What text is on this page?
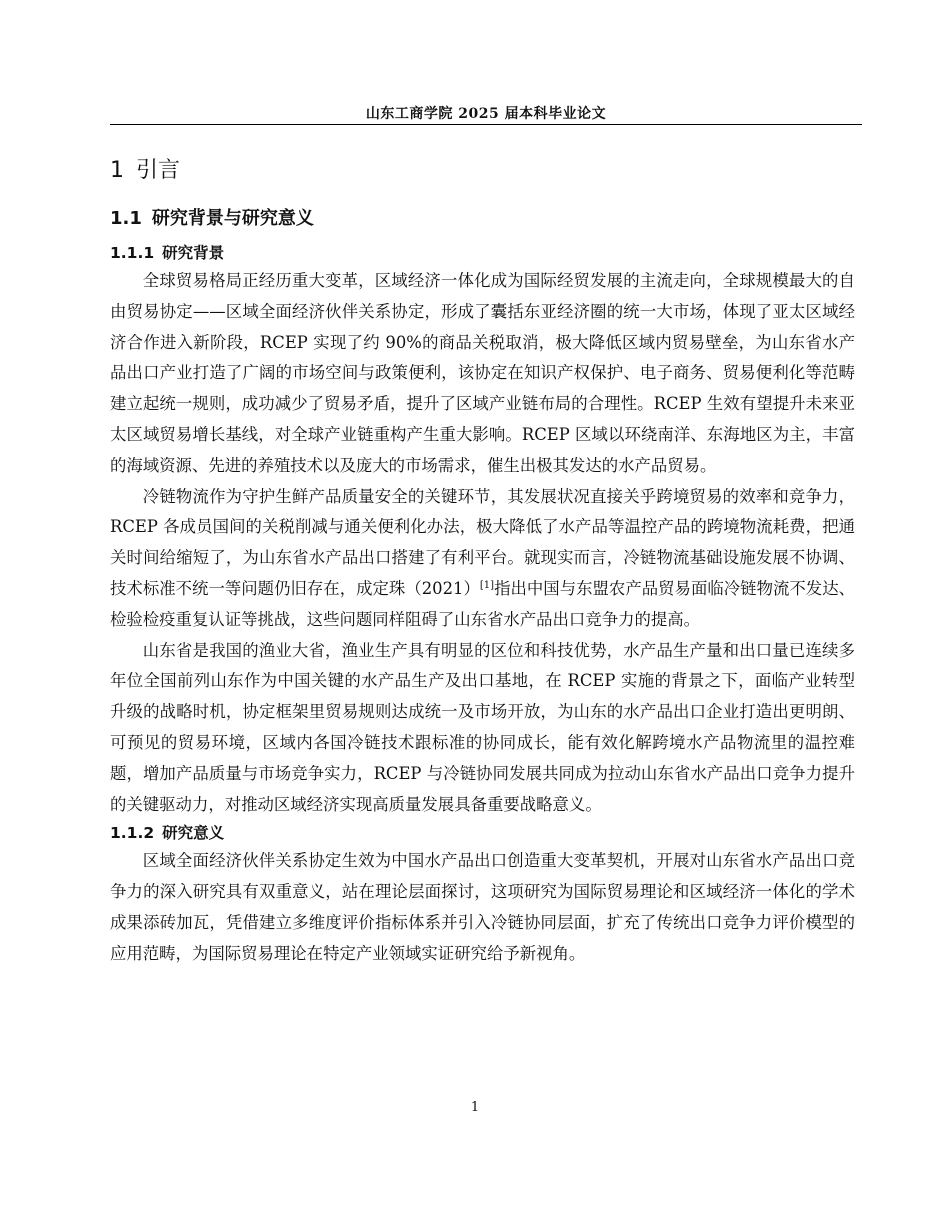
山东工商学院 2025 届本科毕业论文
1 引言
1.1 研究背景与研究意义
1.1.1 研究背景

全球贸易格局正经历重大变革，区域经济一体化成为国际经贸发展的主流走向，全球规模最大的自由贸易协定——区域全面经济伙伴关系协定，形成了囊括东亚经济圈的统一大市场，体现了亚太区域经济合作进入新阶段，RCEP 实现了约 90%的商品关税取消，极大降低区域内贸易壁垒，为山东省水产品出口产业打造了广阔的市场空间与政策便利，该协定在知识产权保护、电子商务、贸易便利化等范畴建立起统一规则，成功减少了贸易矛盾，提升了区域产业链布局的合理性。RCEP 生效有望提升未来亚太区域贸易增长基线，对全球产业链重构产生重大影响。RCEP 区域以环绕南洋、东海地区为主，丰富的海域资源、先进的养殖技术以及庞大的市场需求，催生出极其发达的水产品贸易。

冷链物流作为守护生鲜产品质量安全的关键环节，其发展状况直接关乎跨境贸易的效率和竞争力，RCEP 各成员国间的关税削减与通关便利化办法，极大降低了水产品等温控产品的跨境物流耗费，把通关时间给缩短了，为山东省水产品出口搭建了有利平台。就现实而言，冷链物流基础设施发展不协调、技术标准不统一等问题仍旧存在，成定珠（2021）[1]指出中国与东盟农产品贸易面临冷链物流不发达、检验检疫重复认证等挑战，这些问题同样阻碍了山东省水产品出口竞争力的提高。

山东省是我国的渔业大省，渔业生产具有明显的区位和科技优势，水产品生产量和出口量已连续多年位全国前列山东作为中国关键的水产品生产及出口基地，在 RCEP 实施的背景之下，面临产业转型升级的战略时机，协定框架里贸易规则达成统一及市场开放，为山东的水产品出口企业打造出更明朗、可预见的贸易环境，区域内各国冷链技术跟标准的协同成长，能有效化解跨境水产品物流里的温控难题，增加产品质量与市场竞争实力，RCEP 与冷链协同发展共同成为拉动山东省水产品出口竞争力提升的关键驱动力，对推动区域经济实现高质量发展具备重要战略意义。

1.1.2 研究意义

区域全面经济伙伴关系协定生效为中国水产品出口创造重大变革契机，开展对山东省水产品出口竞争力的深入研究具有双重意义，站在理论层面探讨，这项研究为国际贸易理论和区域经济一体化的学术成果添砖加瓦，凭借建立多维度评价指标体系并引入冷链协同层面，扩充了传统出口竞争力评价模型的应用范畴，为国际贸易理论在特定产业领域实证研究给予新视角。

1
